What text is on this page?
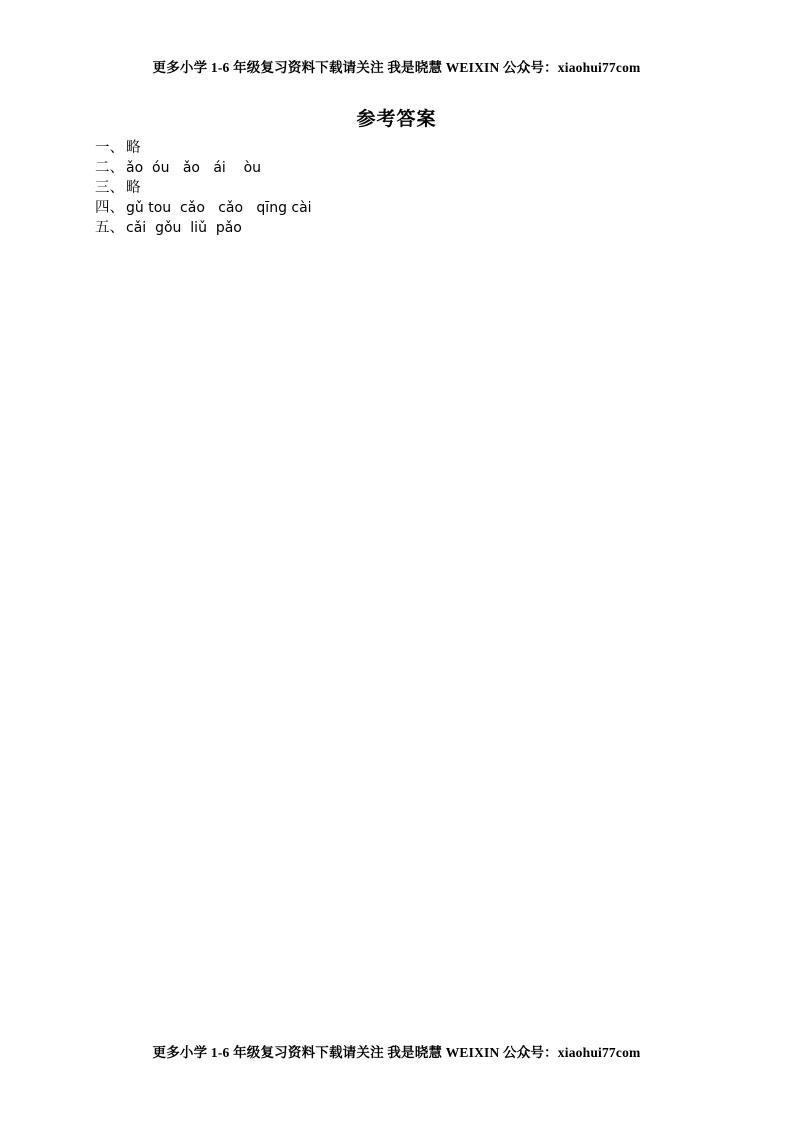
更多小学 1-6 年级复习资料下载请关注 我是晓慧 WEIXIN 公众号：xiaohui77com
参考答案
一、 略
二、 ǎo  óu   ǎo   ái    òu
三、 略
四、 gǔ tou  cǎo   cǎo   qīng cài
五、 cǎi  gǒu  liǔ  pǎo
更多小学 1-6 年级复习资料下载请关注 我是晓慧 WEIXIN 公众号：xiaohui77com
